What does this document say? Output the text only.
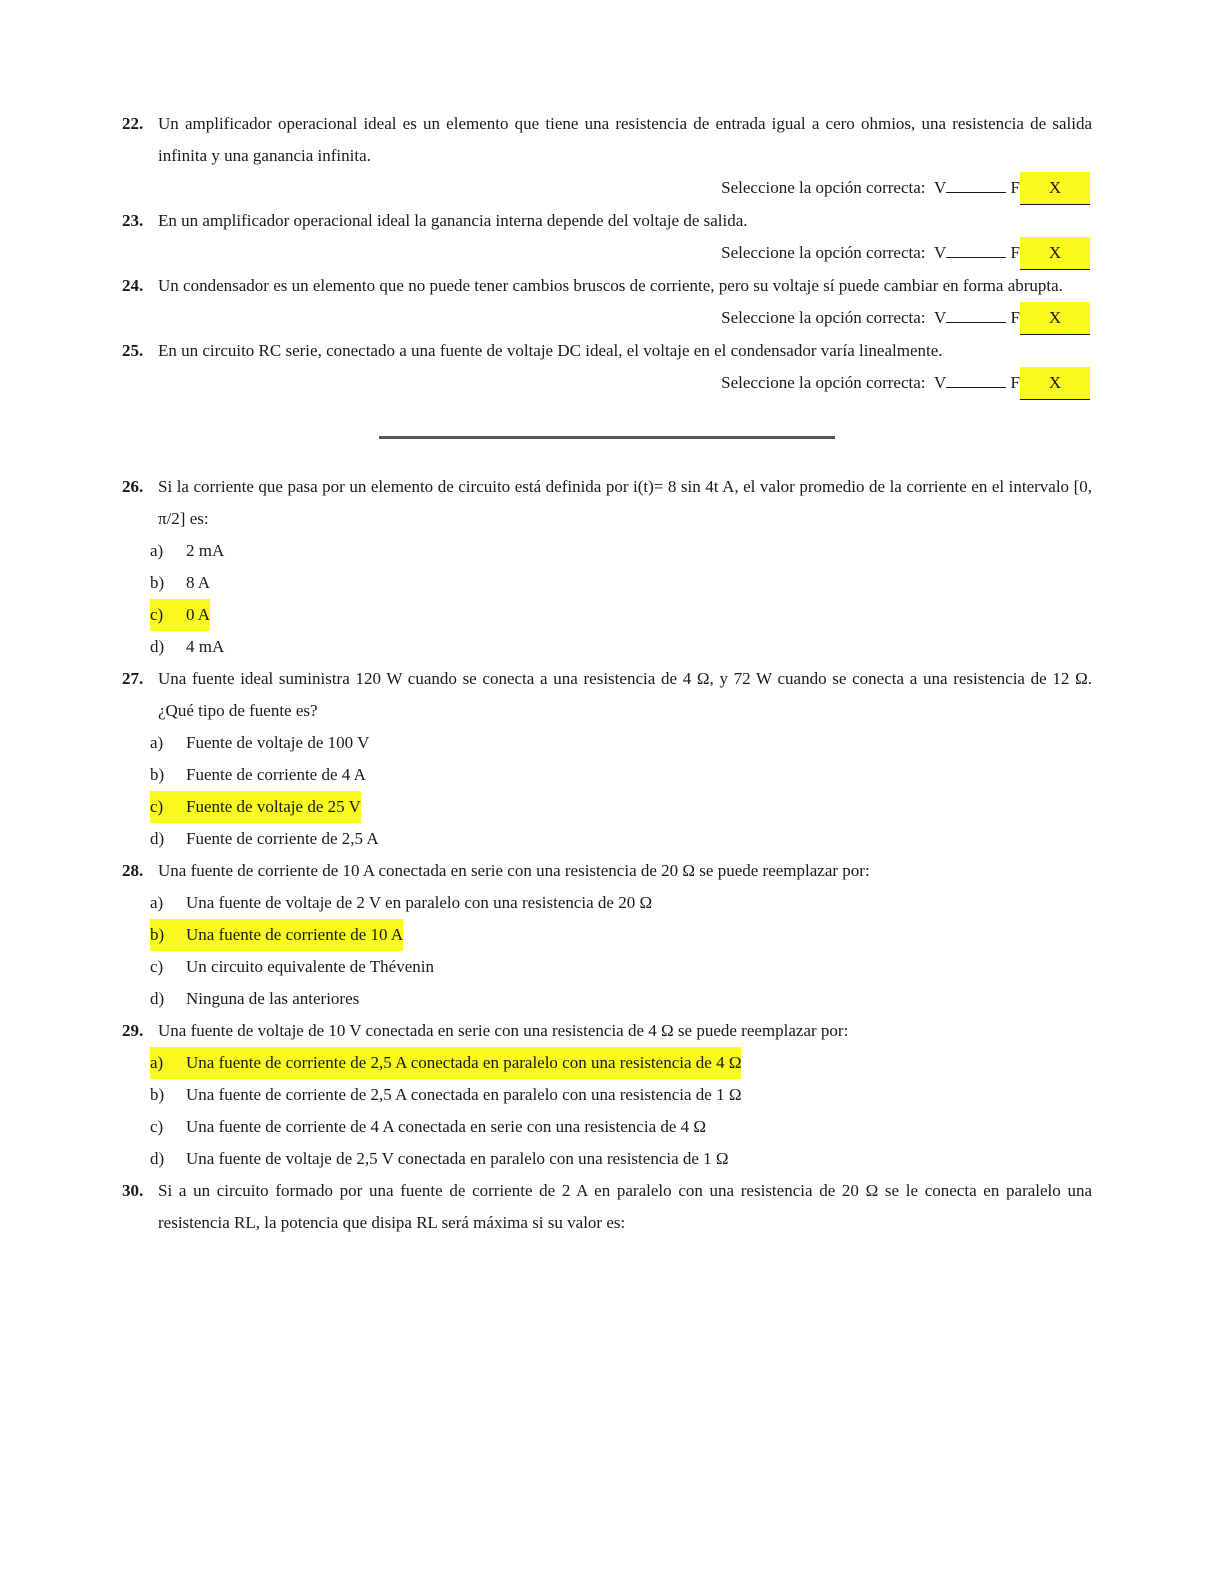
22. Un amplificador operacional ideal es un elemento que tiene una resistencia de entrada igual a cero ohmios, una resistencia de salida infinita y una ganancia infinita.
Seleccione la opción correcta: V	F X
23. En un amplificador operacional ideal la ganancia interna depende del voltaje de salida.
Seleccione la opción correcta: V	F X
24. Un condensador es un elemento que no puede tener cambios bruscos de corriente, pero su voltaje sí puede cambiar en forma abrupta.
Seleccione la opción correcta: V	F X
25. En un circuito RC serie, conectado a una fuente de voltaje DC ideal, el voltaje en el condensador varía linealmente.
Seleccione la opción correcta: V	F X
26. Si la corriente que pasa por un elemento de circuito está definida por i(t)= 8 sin 4t A, el valor promedio de la corriente en el intervalo [0, π/2] es:
a)	2 mA
b)	8 A
c)	0 A
d)	4 mA
27. Una fuente ideal suministra 120 W cuando se conecta a una resistencia de 4 Ω, y 72 W cuando se conecta a una resistencia de 12 Ω. ¿Qué tipo de fuente es?
a)	Fuente de voltaje de 100 V
b)	Fuente de corriente de 4 A
c)	Fuente de voltaje de 25 V
d)	Fuente de corriente de 2,5 A
28. Una fuente de corriente de 10 A conectada en serie con una resistencia de 20 Ω se puede reemplazar por:
a)	Una fuente de voltaje de 2 V en paralelo con una resistencia de 20 Ω
b)	Una fuente de corriente de 10 A
c)	Un circuito equivalente de Thévenin
d)	Ninguna de las anteriores
29. Una fuente de voltaje de 10 V conectada en serie con una resistencia de 4 Ω se puede reemplazar por:
a)	Una fuente de corriente de 2,5 A conectada en paralelo con una resistencia de 4 Ω
b)	Una fuente de corriente de 2,5 A conectada en paralelo con una resistencia de 1 Ω
c)	Una fuente de corriente de 4 A conectada en serie con una resistencia de 4 Ω
d)	Una fuente de voltaje de 2,5 V conectada en paralelo con una resistencia de 1 Ω
30. Si a un circuito formado por una fuente de corriente de 2 A en paralelo con una resistencia de 20 Ω se le conecta en paralelo una resistencia RL, la potencia que disipa RL será máxima si su valor es:
